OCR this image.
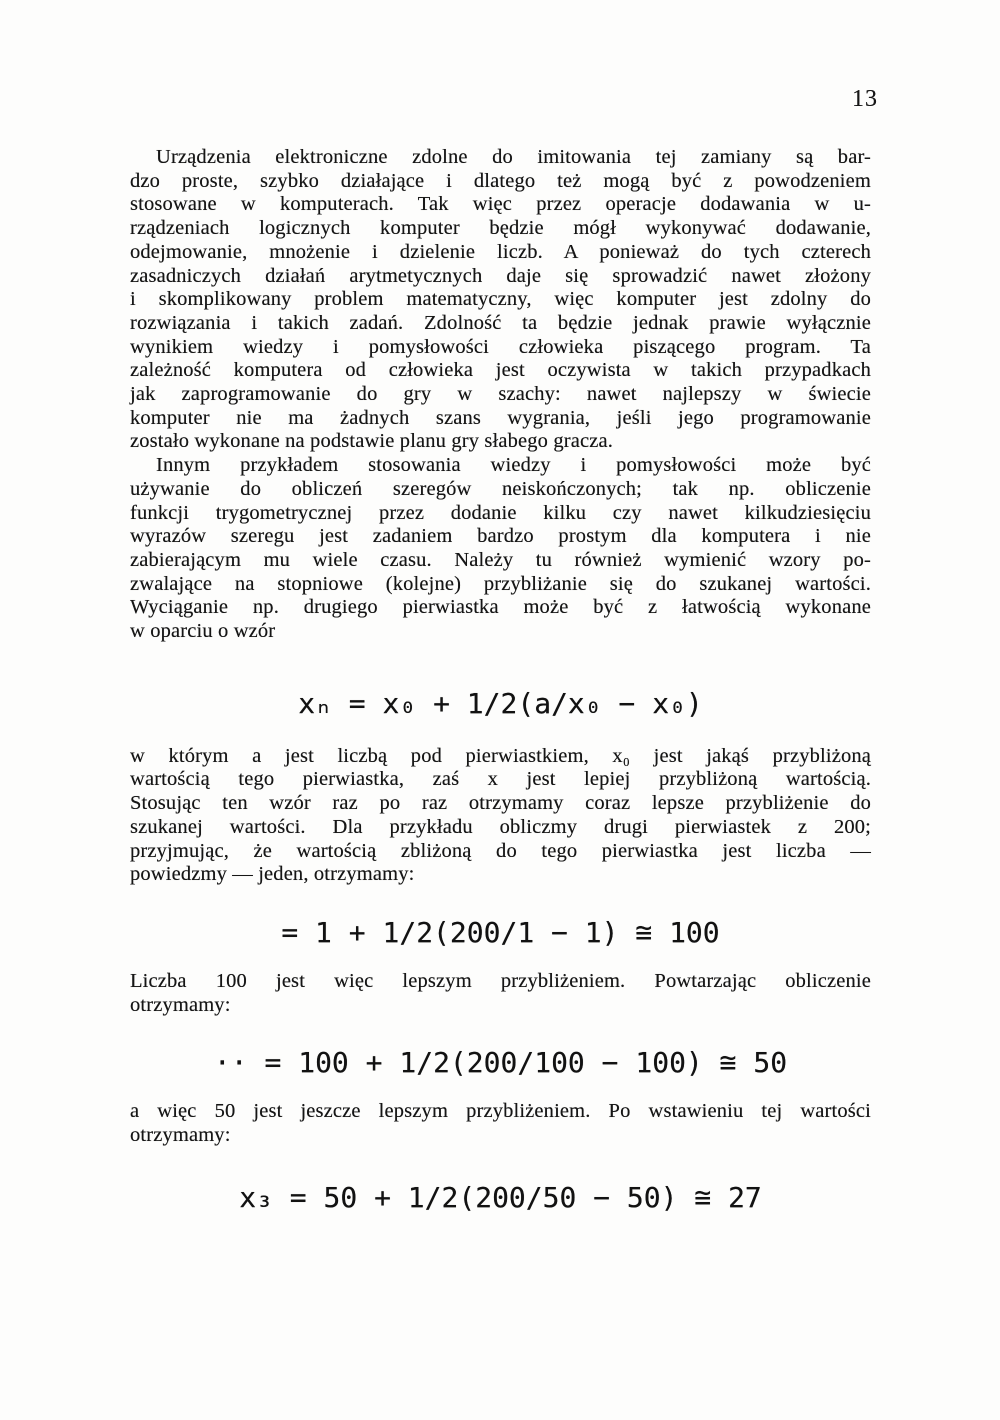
13
Urządzenia elektroniczne zdolne do imitowania tej zamiany są bar-
dzo proste, szybko działające i dlatego też mogą być z powodzeniem
stosowane w komputerach. Tak więc przez operacje dodawania w u-
rządzeniach logicznych komputer będzie mógł wykonywać dodawanie,
odejmowanie, mnożenie i dzielenie liczb. A ponieważ do tych czterech
zasadniczych działań arytmetycznych daje się sprowadzić nawet złożony
i skomplikowany problem matematyczny, więc komputer jest zdolny do
rozwiązania i takich zadań. Zdolność ta będzie jednak prawie wyłącznie
wynikiem wiedzy i pomysłowości człowieka piszącego program. Ta
zależność komputera od człowieka jest oczywista w takich przypadkach
jak zaprogramowanie do gry w szachy: nawet najlepszy w świecie
komputer nie ma żadnych szans wygrania, jeśli jego programowanie
zostało wykonane na podstawie planu gry słabego gracza.
Innym przykładem stosowania wiedzy i pomysłowości może być
używanie do obliczeń szeregów neiskończonych; tak np. obliczenie
funkcji trygometrycznej przez dodanie kilku czy nawet kilkudziesięciu
wyrazów szeregu jest zadaniem bardzo prostym dla komputera i nie
zabierającym mu wiele czasu. Należy tu również wymienić wzory po-
zwalające na stopniowe (kolejne) przybliżanie się do szukanej wartości.
Wyciąganie np. drugiego pierwiastka może być z łatwością wykonane
w oparciu o wzór
xₙ = x₀ + 1/2(a/x₀ − x₀)
w którym a jest liczbą pod pierwiastkiem, x₀ jest jakąś przybliżoną
wartością tego pierwiastka, zaś x jest lepiej przybliżoną wartością.
Stosując ten wzór raz po raz otrzymamy coraz lepsze przybliżenie do
szukanej wartości. Dla przykładu obliczmy drugi pierwiastek z 200;
przyjmując, że wartością zbliżoną do tego pierwiastka jest liczba —
powiedzmy — jeden, otrzymamy:
= 1 + 1/2(200/1 − 1) ≅ 100
Liczba 100 jest więc lepszym przybliżeniem. Powtarzając obliczenie
otrzymamy:
·· = 100 + 1/2(200/100 − 100) ≅ 50
a więc 50 jest jeszcze lepszym przybliżeniem. Po wstawieniu tej wartości
otrzymamy:
x₃ = 50 + 1/2(200/50 − 50) ≅ 27
